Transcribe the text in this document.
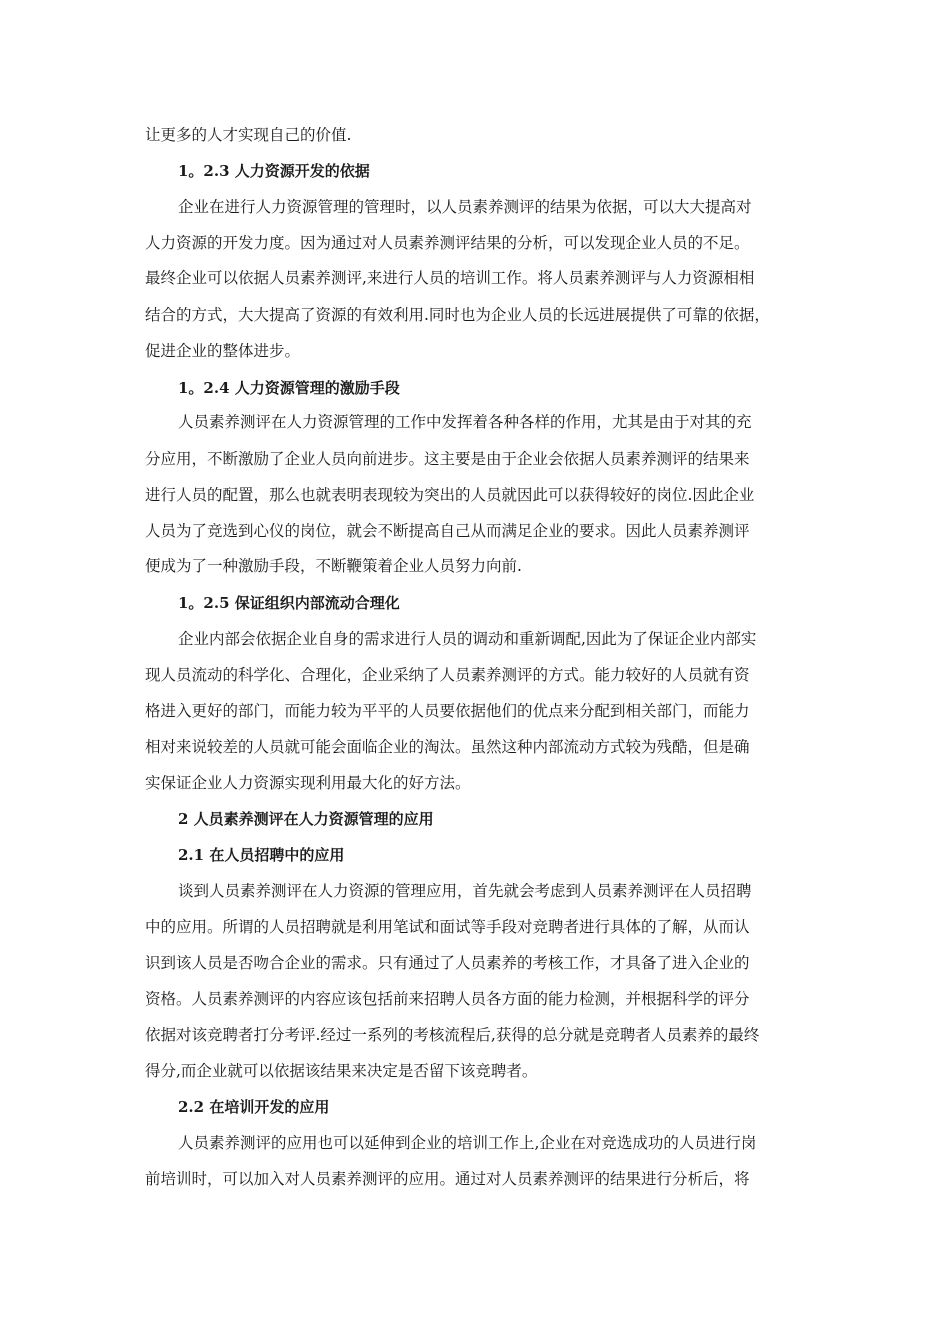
让更多的人才实现自己的价值.
1。2.3 人力资源开发的依据
企业在进行人力资源管理的管理时，以人员素养测评的结果为依据，可以大大提高对
人力资源的开发力度。因为通过对人员素养测评结果的分析，可以发现企业人员的不足。
最终企业可以依据人员素养测评,来进行人员的培训工作。将人员素养测评与人力资源相相
结合的方式，大大提高了资源的有效利用.同时也为企业人员的长远进展提供了可靠的依据，
促进企业的整体进步。
1。2.4 人力资源管理的激励手段
人员素养测评在人力资源管理的工作中发挥着各种各样的作用，尤其是由于对其的充
分应用，不断激励了企业人员向前进步。这主要是由于企业会依据人员素养测评的结果来
进行人员的配置，那么也就表明表现较为突出的人员就因此可以获得较好的岗位.因此企业
人员为了竞选到心仪的岗位，就会不断提高自己从而满足企业的要求。因此人员素养测评
便成为了一种激励手段，不断鞭策着企业人员努力向前.
1。2.5 保证组织内部流动合理化
企业内部会依据企业自身的需求进行人员的调动和重新调配,因此为了保证企业内部实
现人员流动的科学化、合理化，企业采纳了人员素养测评的方式。能力较好的人员就有资
格进入更好的部门，而能力较为平平的人员要依据他们的优点来分配到相关部门，而能力
相对来说较差的人员就可能会面临企业的淘汰。虽然这种内部流动方式较为残酷，但是确
实保证企业人力资源实现利用最大化的好方法。
2 人员素养测评在人力资源管理的应用
2.1 在人员招聘中的应用
谈到人员素养测评在人力资源的管理应用，首先就会考虑到人员素养测评在人员招聘
中的应用。所谓的人员招聘就是利用笔试和面试等手段对竞聘者进行具体的了解，从而认
识到该人员是否吻合企业的需求。只有通过了人员素养的考核工作，才具备了进入企业的
资格。人员素养测评的内容应该包括前来招聘人员各方面的能力检测，并根据科学的评分
依据对该竞聘者打分考评.经过一系列的考核流程后,获得的总分就是竞聘者人员素养的最终
得分,而企业就可以依据该结果来决定是否留下该竞聘者。
2.2 在培训开发的应用
人员素养测评的应用也可以延伸到企业的培训工作上,企业在对竞选成功的人员进行岗
前培训时，可以加入对人员素养测评的应用。通过对人员素养测评的结果进行分析后，将
